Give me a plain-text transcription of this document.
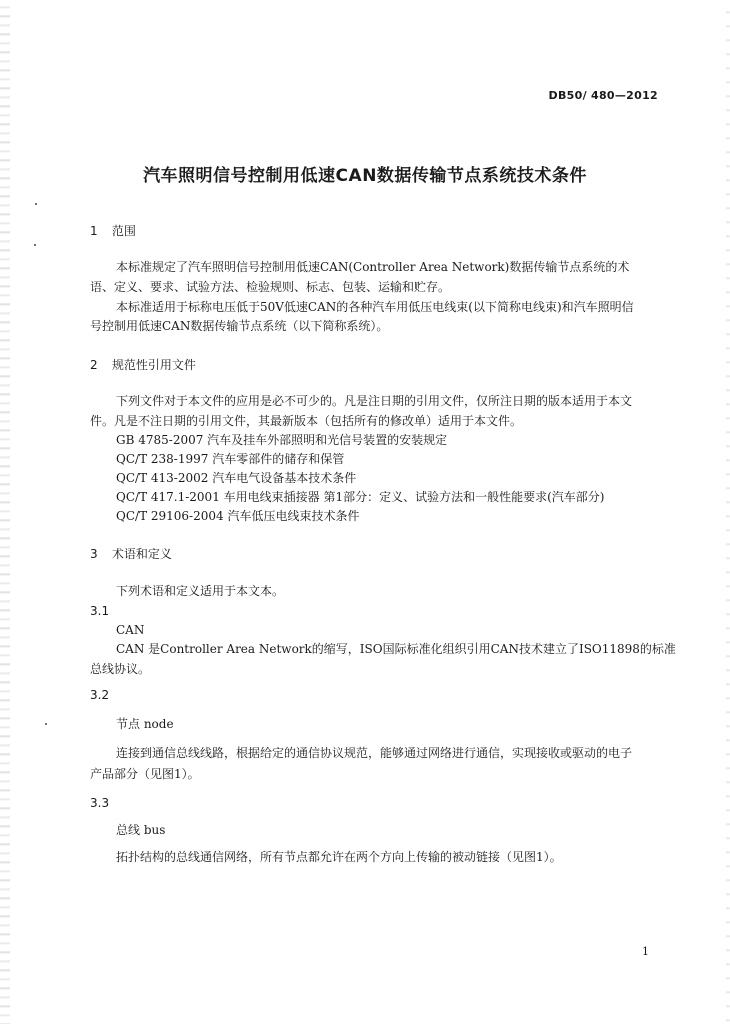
DB50/ 480—2012
汽车照明信号控制用低速CAN数据传输节点系统技术条件
1 范围
本标准规定了汽车照明信号控制用低速CAN(Controller Area Network)数据传输节点系统的术
语、定义、要求、试验方法、检验规则、标志、包装、运输和贮存。
本标准适用于标称电压低于50V低速CAN的各种汽车用低压电线束(以下简称电线束)和汽车照明信
号控制用低速CAN数据传输节点系统（以下简称系统）。
2 规范性引用文件
下列文件对于本文件的应用是必不可少的。凡是注日期的引用文件，仅所注日期的版本适用于本文
件。凡是不注日期的引用文件，其最新版本（包括所有的修改单）适用于本文件。
GB 4785-2007 汽车及挂车外部照明和光信号装置的安装规定
QC/T 238-1997 汽车零部件的储存和保管
QC/T 413-2002 汽车电气设备基本技术条件
QC/T 417.1-2001 车用电线束插接器 第1部分：定义、试验方法和一般性能要求(汽车部分)
QC/T 29106-2004 汽车低压电线束技术条件
3 术语和定义
下列术语和定义适用于本文本。
3.1
CAN
CAN 是Controller Area Network的缩写，ISO国际标准化组织引用CAN技术建立了ISO11898的标准
总线协议。
3.2
节点 node
连接到通信总线线路，根据给定的通信协议规范，能够通过网络进行通信，实现接收或驱动的电子
产品部分（见图1）。
3.3
总线 bus
拓扑结构的总线通信网络，所有节点都允许在两个方向上传输的被动链接（见图1）。
1
